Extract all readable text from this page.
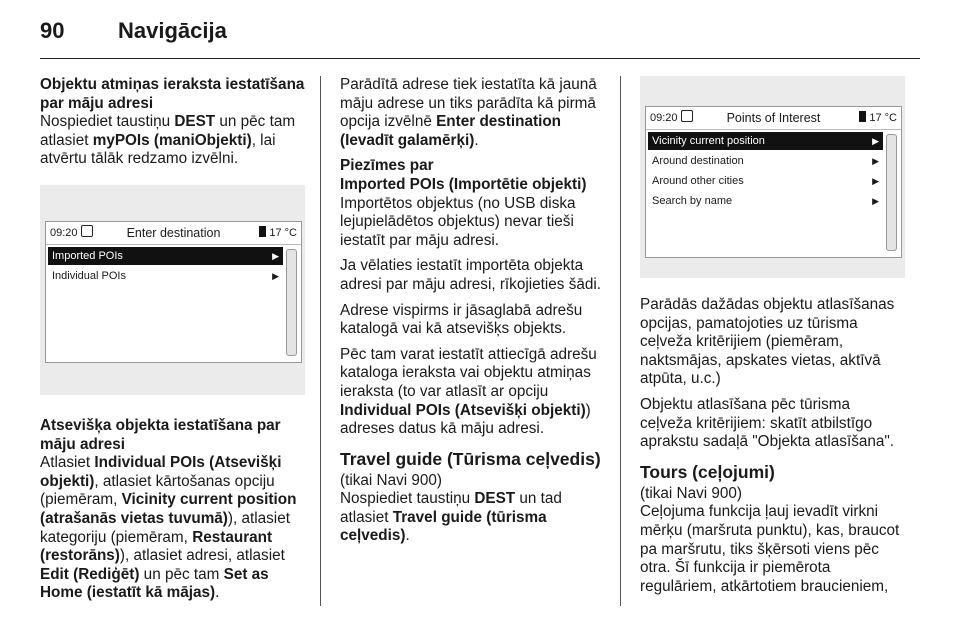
90 Navigācija

Objektu atmiņas ieraksta iestatīšana par māju adresi
Nospiediet taustiņu DEST un pēc tam atlasiet myPOIs (maniObjekti), lai atvērtu tālāk redzamo izvēlni.

09:20	Enter destination	17 °C
Imported POIs	▶
Individual POIs	▶

Atsevišķa objekta iestatīšana par māju adresi
Atlasiet Individual POIs (Atsevišķi objekti), atlasiet kārtošanas opciju (piemēram, Vicinity current position (atrašanās vietas tuvumā)), atlasiet kategoriju (piemēram, Restaurant (restorāns)), atlasiet adresi, atlasiet Edit (Rediģēt) un pēc tam Set as Home (iestatīt kā mājas).

Parādītā adrese tiek iestatīta kā jaunā māju adrese un tiks parādīta kā pirmā opcija izvēlnē Enter destination (Ievadīt galamērķi).

Piezīmes par
Imported POIs (Importētie objekti)

Importētos objektus (no USB diska lejupielādētos objektus) nevar tieši iestatīt par māju adresi.

Ja vēlaties iestatīt importēta objekta adresi par māju adresi, rīkojieties šādi.

Adrese vispirms ir jāsaglabā adrešu katalogā vai kā atsevišķs objekts.

Pēc tam varat iestatīt attiecīgā adrešu kataloga ieraksta vai objektu atmiņas ieraksta (to var atlasīt ar opciju Individual POIs (Atsevišķi objekti)) adreses datus kā māju adresi.

Travel guide (Tūrisma ceļvedis)

(tikai Navi 900)

Nospiediet taustiņu DEST un tad atlasiet Travel guide (tūrisma ceļvedis).

09:20	Points of Interest	17 °C
Vicinity current position	▶
Around destination	▶
Around other cities	▶
Search by name	▶

Parādās dažādas objektu atlasīšanas opcijas, pamatojoties uz tūrisma ceļveža kritērijiem (piemēram, naktsmājas, apskates vietas, aktīvā atpūta, u.c.)

Objektu atlasīšana pēc tūrisma ceļveža kritērijiem: skatīt atbilstīgo aprakstu sadaļā "Objekta atlasīšana".

Tours (ceļojumi)

(tikai Navi 900)

Ceļojuma funkcija ļauj ievadīt virkni mērķu (maršruta punktu), kas, braucot pa maršrutu, tiks šķērsoti viens pēc otra. Šī funkcija ir piemērota regulāriem, atkārtotiem braucieniem,
